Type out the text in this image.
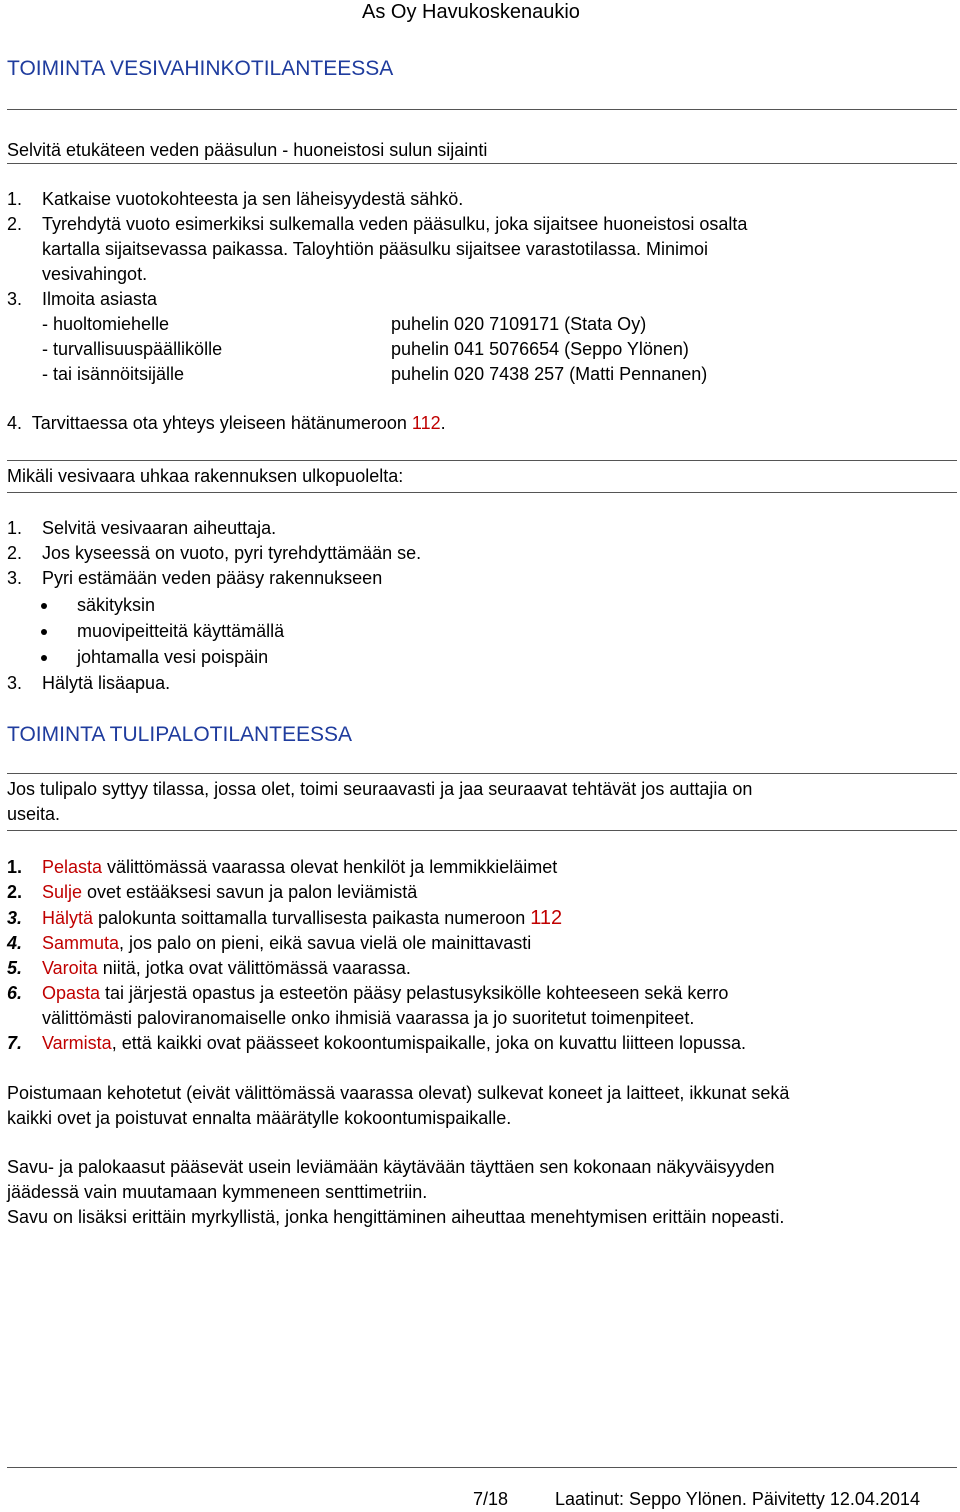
As Oy Havukoskenaukio
TOIMINTA VESIVAHINKOTILANTEESSA
Selvitä etukäteen veden pääsulun - huoneistosi sulun sijainti
1. Katkaise vuotokohteesta ja sen läheisyydestä sähkö.
2. Tyrehdytä vuoto esimerkiksi sulkemalla veden pääsulku, joka sijaitsee huoneistosi osalta
kartalla sijaitsevassa paikassa. Taloyhtiön pääsulku sijaitsee varastotilassa. Minimoi
vesivahingot.
3. Ilmoita asiasta
- huoltomiehelle	puhelin 020 7109171 (Stata Oy)
- turvallisuuspäällikölle	puhelin 041 5076654 (Seppo Ylönen)
- tai isännöitsijälle	puhelin 020 7438 257 (Matti Pennanen)
4.  Tarvittaessa ota yhteys yleiseen hätänumeroon 112.
Mikäli vesivaara uhkaa rakennuksen ulkopuolelta:
1. Selvitä vesivaaran aiheuttaja.
2. Jos kyseessä on vuoto, pyri tyrehdyttämään se.
3. Pyri estämään veden pääsy rakennukseen
säkityksin
muovipeitteitä käyttämällä
johtamalla vesi poispäin
3. Hälytä lisäapua.
TOIMINTA TULIPALOTILANTEESSA
Jos tulipalo syttyy tilassa, jossa olet, toimi seuraavasti ja jaa seuraavat tehtävät jos auttajia on
useita.
1. Pelasta välittömässä vaarassa olevat henkilöt ja lemmikkieläimet
2. Sulje ovet estääksesi savun ja palon leviämistä
3. Hälytä palokunta soittamalla turvallisesta paikasta numeroon 112
4. Sammuta, jos palo on pieni, eikä savua vielä ole mainittavasti
5. Varoita niitä, jotka ovat välittömässä vaarassa.
6. Opasta tai järjestä opastus ja esteetön pääsy pelastusyksikölle kohteeseen sekä kerro
välittömästi paloviranomaiselle onko ihmisiä vaarassa ja jo suoritetut toimenpiteet.
7. Varmista, että kaikki ovat päässeet kokoontumispaikalle, joka on kuvattu liitteen lopussa.
Poistumaan kehotetut (eivät välittömässä vaarassa olevat) sulkevat koneet ja laitteet, ikkunat sekä
kaikki ovet ja poistuvat ennalta määrätylle kokoontumispaikalle.
Savu- ja palokaasut pääsevät usein leviämään käytävään täyttäen sen kokonaan näkyväisyyden
jäädessä vain muutamaan kymmeneen senttimetriin.
Savu on lisäksi erittäin myrkyllistä, jonka hengittäminen aiheuttaa menehtymisen erittäin nopeasti.
7/18	Laatinut: Seppo Ylönen. Päivitetty 12.04.2014
